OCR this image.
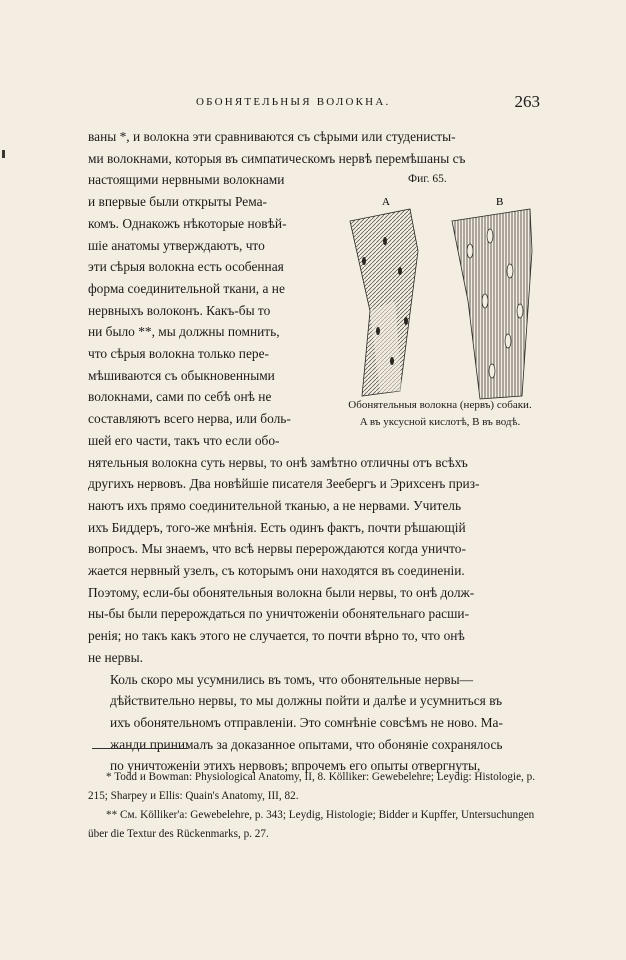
ОБОНЯТЕЛЬНЫЯ ВОЛОКНА.	263

ваны *, и волокна эти сравниваются съ сѣрыми или студенисты-
ми волокнами, которыя въ симпатическомъ нервѣ перемѣшаны съ
Фиг. 65.
A	B
Обонятельныя волокна (нервъ) собаки.
A въ уксусной кислотѣ, B въ водѣ.
настоящими нервными волокнами
и впервые были открыты Рема-
комъ. Однакожъ нѣкоторые новѣй-
шіе анатомы утверждаютъ, что
эти сѣрыя волокна есть особенная
форма соединительной ткани, а не
нервныхъ волоконъ. Какъ-бы то
ни было **, мы должны помнить,
что сѣрыя волокна только пере-
мѣшиваются съ обыкновенными
волокнами, сами по себѣ онѣ не
составляютъ всего нерва, или боль-
шей его части, такъ что если обо-
нятельныя волокна суть нервы, то онѣ замѣтно отличны отъ всѣхъ
другихъ нервовъ. Два новѣйшіе писателя Зеебергъ и Эрихсенъ приз-
наютъ ихъ прямо соединительной тканью, а не нервами. Учитель
ихъ Биддеръ, того-же мнѣнія. Есть одинъ фактъ, почти рѣшающій
вопросъ. Мы знаемъ, что всѣ нервы перерождаются когда уничто-
жается нервный узелъ, съ которымъ они находятся въ соединеніи.
Поэтому, если-бы обонятельныя волокна были нервы, то онѣ долж-
ны-бы были перерождаться по уничтоженіи обонятельнаго расши-
ренія; но такъ какъ этого не случается, то почти вѣрно то, что онѣ
не нервы.

Коль скоро мы усумнились въ томъ, что обонятельные нервы—
дѣйствительно нервы, то мы должны пойти и далѣе и усумниться въ
ихъ обонятельномъ отправленіи. Это сомнѣніе совсѣмъ не ново. Ма-
жанди принималъ за доказанное опытами, что обоняніе сохранялось
по уничтоженіи этихъ нервовъ; впрочемъ его опыты отвергнуты,

* Todd и Bowman: Physiological Anatomy, II, 8. Kölliker: Gewebelehre; Leydig: Histologie, p. 215; Sharpey и Ellis: Quain's Anatomy, III, 82.

** См. Kölliker'a: Gewebelehre, p. 343; Leydig, Histologie; Bidder и Kupffer, Untersuchungen über die Textur des Rückenmarks, p. 27.
